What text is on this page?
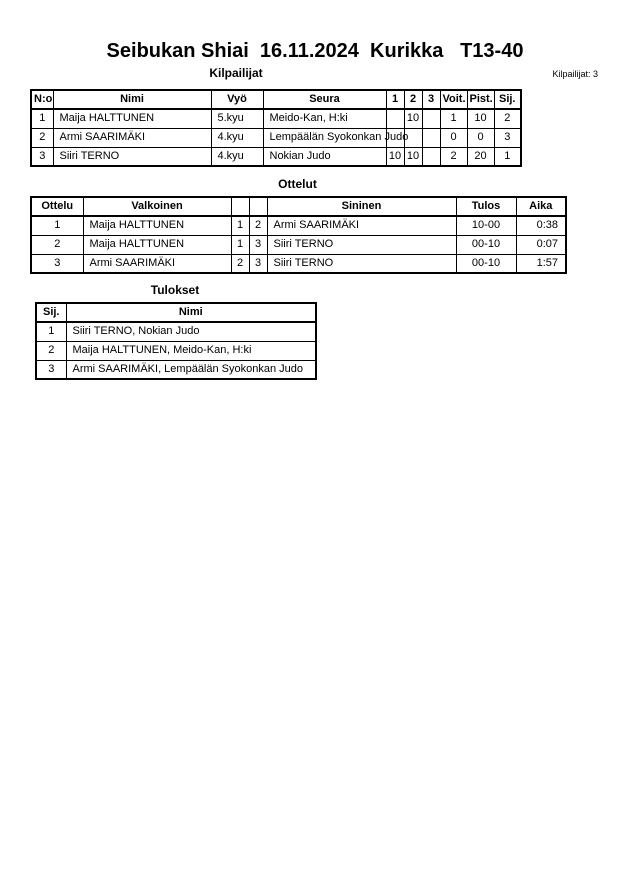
Seibukan Shiai  16.11.2024  Kurikka   T13-40
Kilpailijat	Kilpailijat: 3
N:o	Nimi	Vyö	Seura	1	2	3	Voit.	Pist.	Sij.
1	Maija HALTTUNEN	5.kyu	Meido-Kan, H:ki		10		1	10	2
2	Armi SAARIMÄKI	4.kyu	Lempäälän Syokonkan Judo				0	0	3
3	Siiri TERNO	4.kyu	Nokian Judo	10	10		2	20	1
Ottelut
Ottelu	Valkoinen			Sininen	Tulos	Aika
1	Maija HALTTUNEN	1	2	Armi SAARIMÄKI	10-00	0:38
2	Maija HALTTUNEN	1	3	Siiri TERNO	00-10	0:07
3	Armi SAARIMÄKI	2	3	Siiri TERNO	00-10	1:57
Tulokset
Sij.	Nimi
1	Siiri TERNO, Nokian Judo
2	Maija HALTTUNEN, Meido-Kan, H:ki
3	Armi SAARIMÄKI, Lempäälän Syokonkan Judo
